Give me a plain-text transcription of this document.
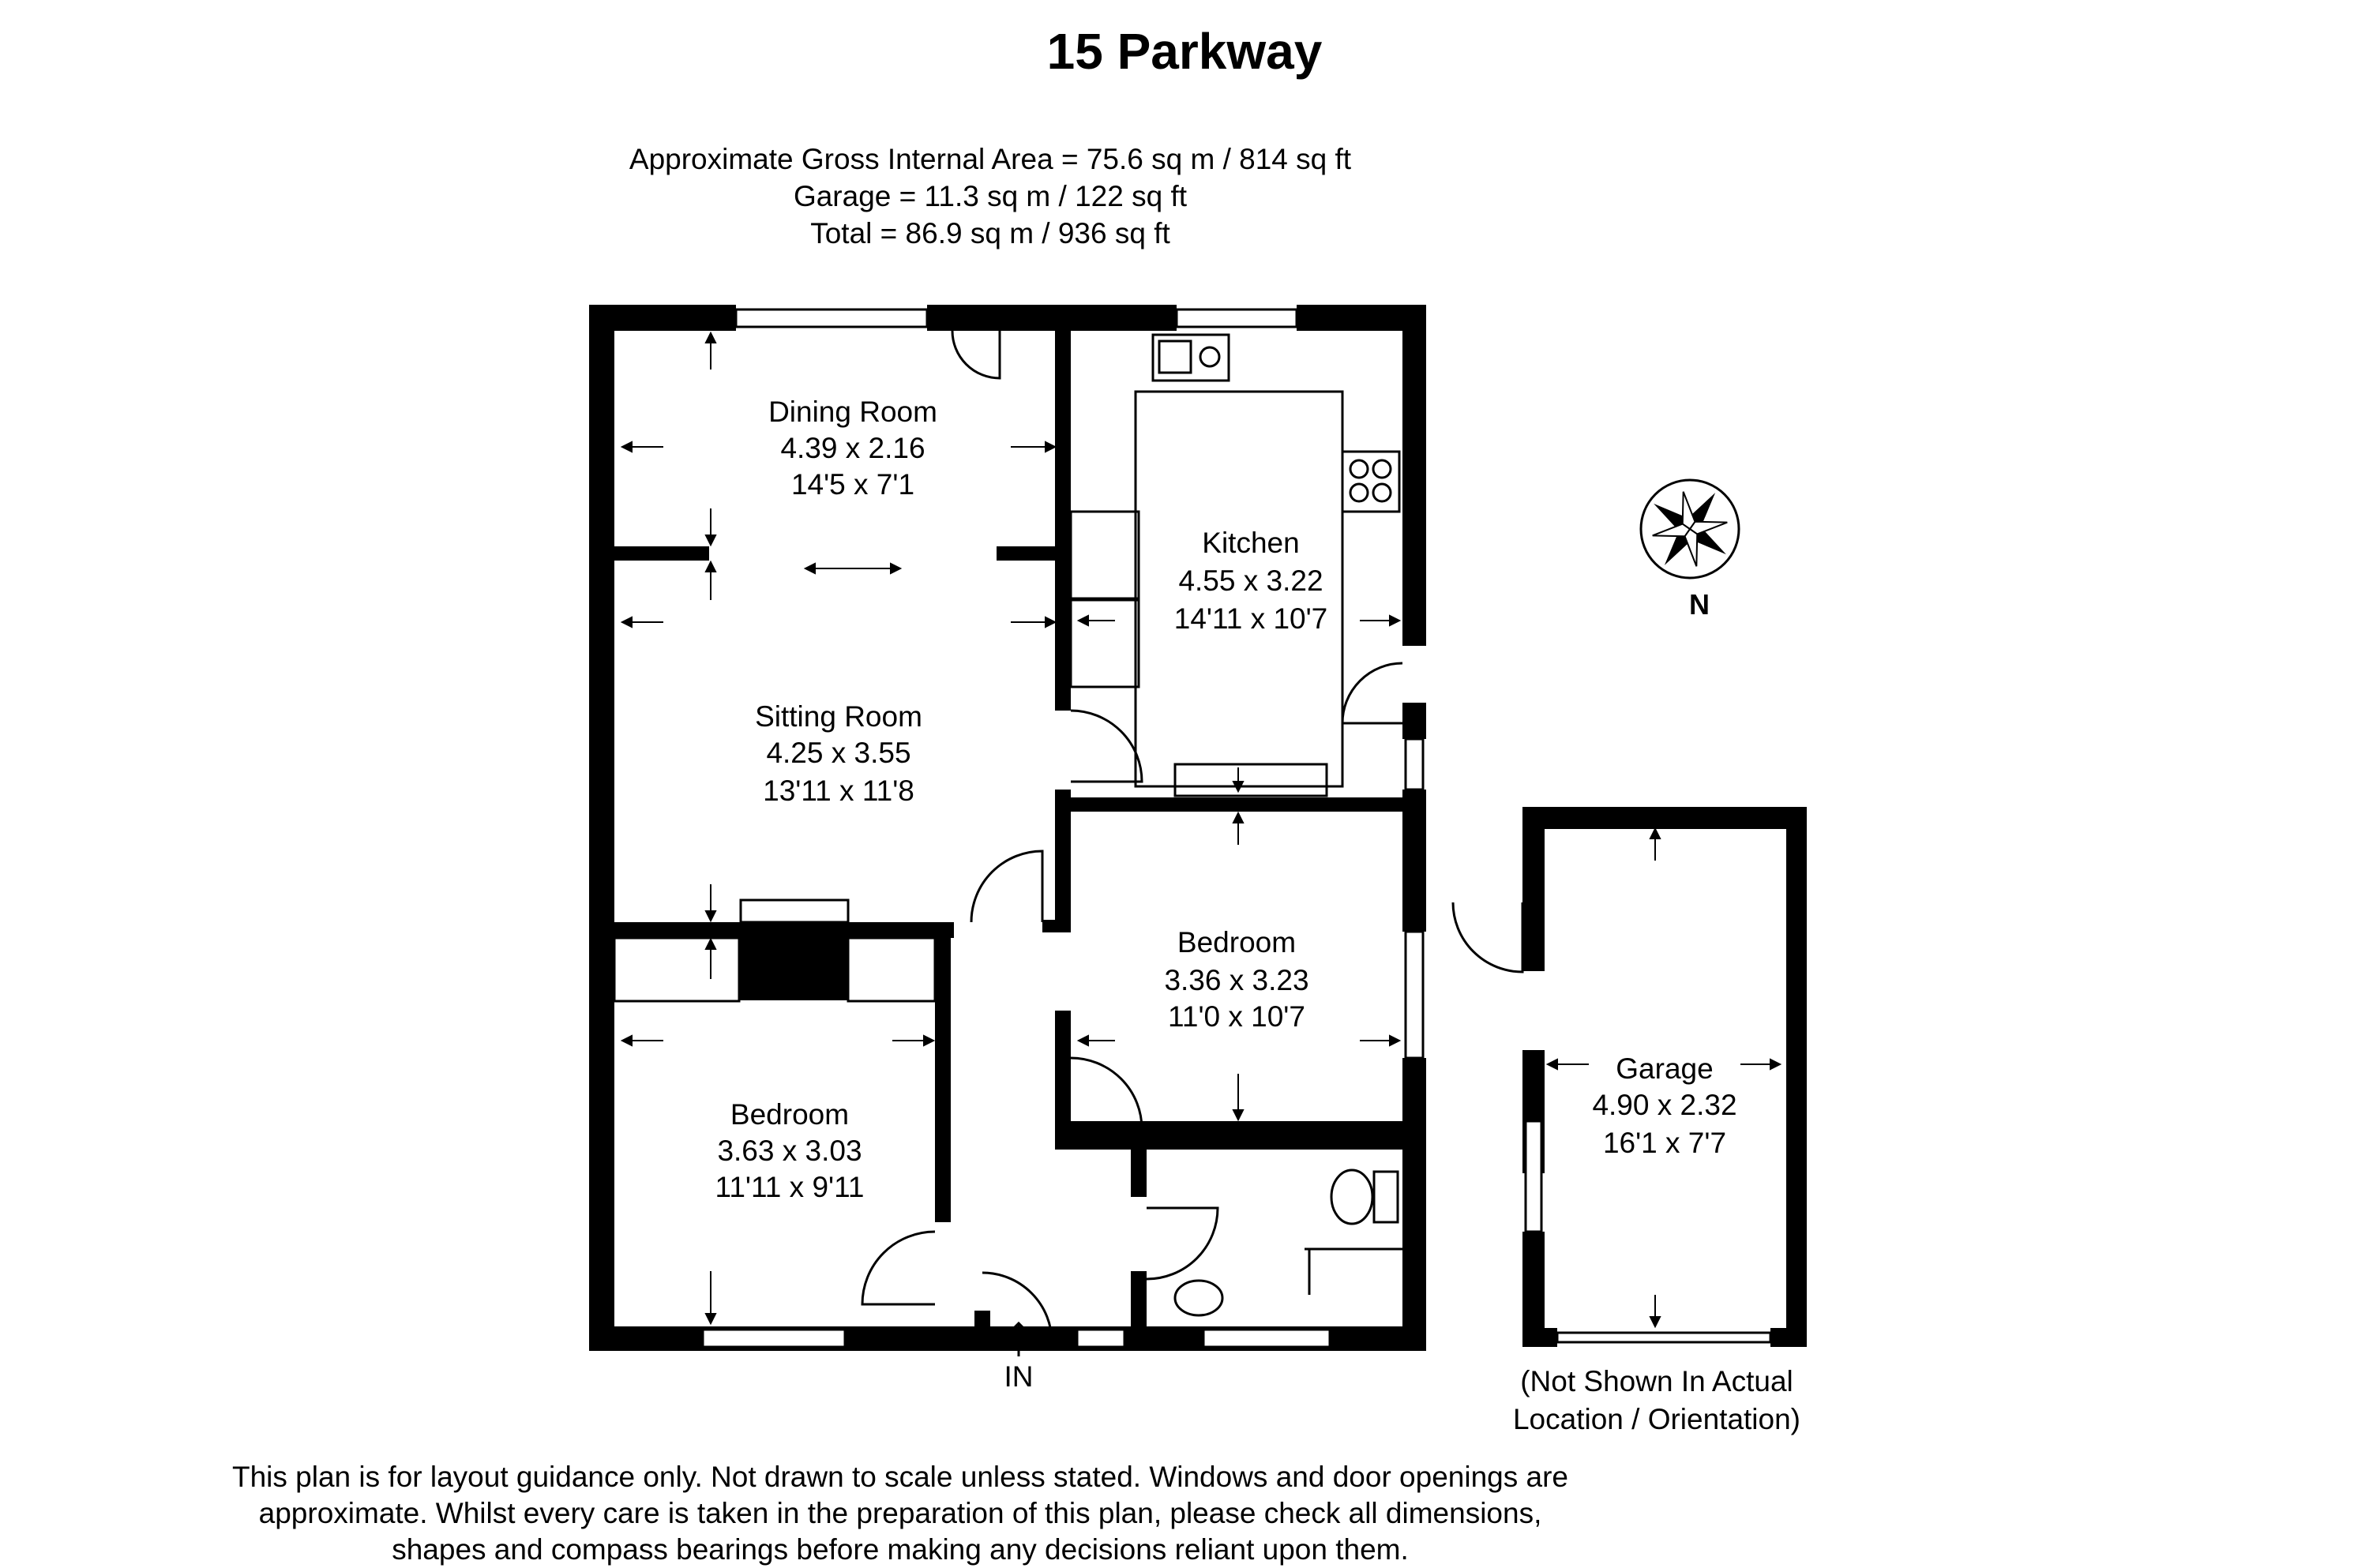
15 Parkway
Approximate Gross Internal Area = 75.6 sq m / 814 sq ft
Garage = 11.3 sq m / 122 sq ft
Total = 86.9 sq m / 936 sq ft
N
IN
Dining Room
4.39 x 2.16
14'5 x 7'1
Kitchen
4.55 x 3.22
14'11 x 10'7
Sitting Room
4.25 x 3.55
13'11 x 11'8
Bedroom
3.36 x 3.23
11'0 x 10'7
Bedroom
3.63 x 3.03
11'11 x 9'11
Garage
4.90 x 2.32
16'1 x 7'7
(Not Shown In Actual
Location / Orientation)
This plan is for layout guidance only. Not drawn to scale unless stated. Windows and door openings are
approximate. Whilst every care is taken in the preparation of this plan, please check all dimensions,
shapes and compass bearings before making any decisions reliant upon them.
